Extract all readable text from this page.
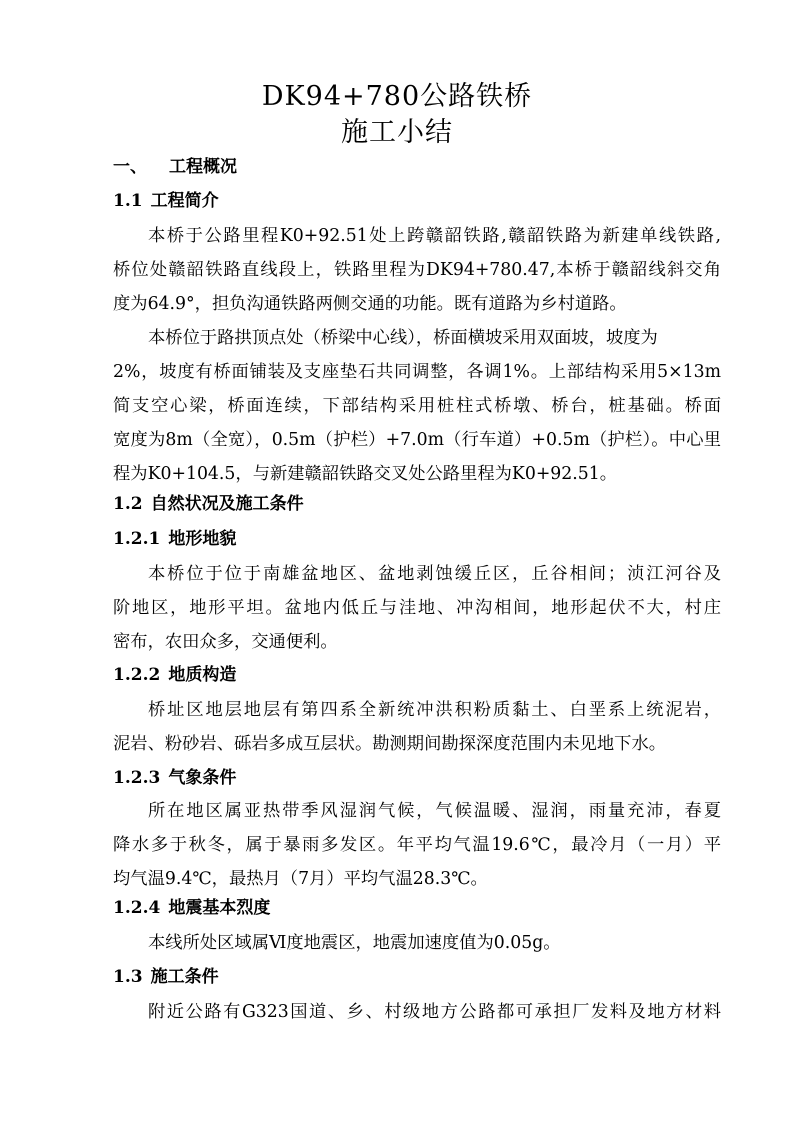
DK94+780公路铁桥
施工小结
一、 工程概况
1.1 工程简介
本桥于公路里程K0+92.51处上跨赣韶铁路,赣韶铁路为新建单线铁路,
桥位处赣韶铁路直线段上，铁路里程为DK94+780.47,本桥于赣韶线斜交角
度为64.9°，担负沟通铁路两侧交通的功能。既有道路为乡村道路。
本桥位于路拱顶点处（桥梁中心线），桥面横坡采用双面坡，坡度为
2%，坡度有桥面铺装及支座垫石共同调整，各调1%。上部结构采用5×13m
简支空心梁，桥面连续，下部结构采用桩柱式桥墩、桥台，桩基础。桥面
宽度为8m（全宽），0.5m（护栏）+7.0m（行车道）+0.5m（护栏）。中心里
程为K0+104.5，与新建赣韶铁路交叉处公路里程为K0+92.51。
1.2 自然状况及施工条件
1.2.1 地形地貌
本桥位于位于南雄盆地区、盆地剥蚀缓丘区，丘谷相间；浈江河谷及
阶地区，地形平坦。盆地内低丘与洼地、冲沟相间，地形起伏不大，村庄
密布，农田众多，交通便利。
1.2.2 地质构造
桥址区地层地层有第四系全新统冲洪积粉质黏土、白垩系上统泥岩，
泥岩、粉砂岩、砾岩多成互层状。勘测期间勘探深度范围内未见地下水。
1.2.3 气象条件
所在地区属亚热带季风湿润气候，气候温暖、湿润，雨量充沛，春夏
降水多于秋冬，属于暴雨多发区。年平均气温19.6℃，最冷月（一月）平
均气温9.4℃，最热月（7月）平均气温28.3℃。
1.2.4 地震基本烈度
本线所处区域属Ⅵ度地震区，地震加速度值为0.05g。
1.3 施工条件
附近公路有G323国道、乡、村级地方公路都可承担厂发料及地方材料
